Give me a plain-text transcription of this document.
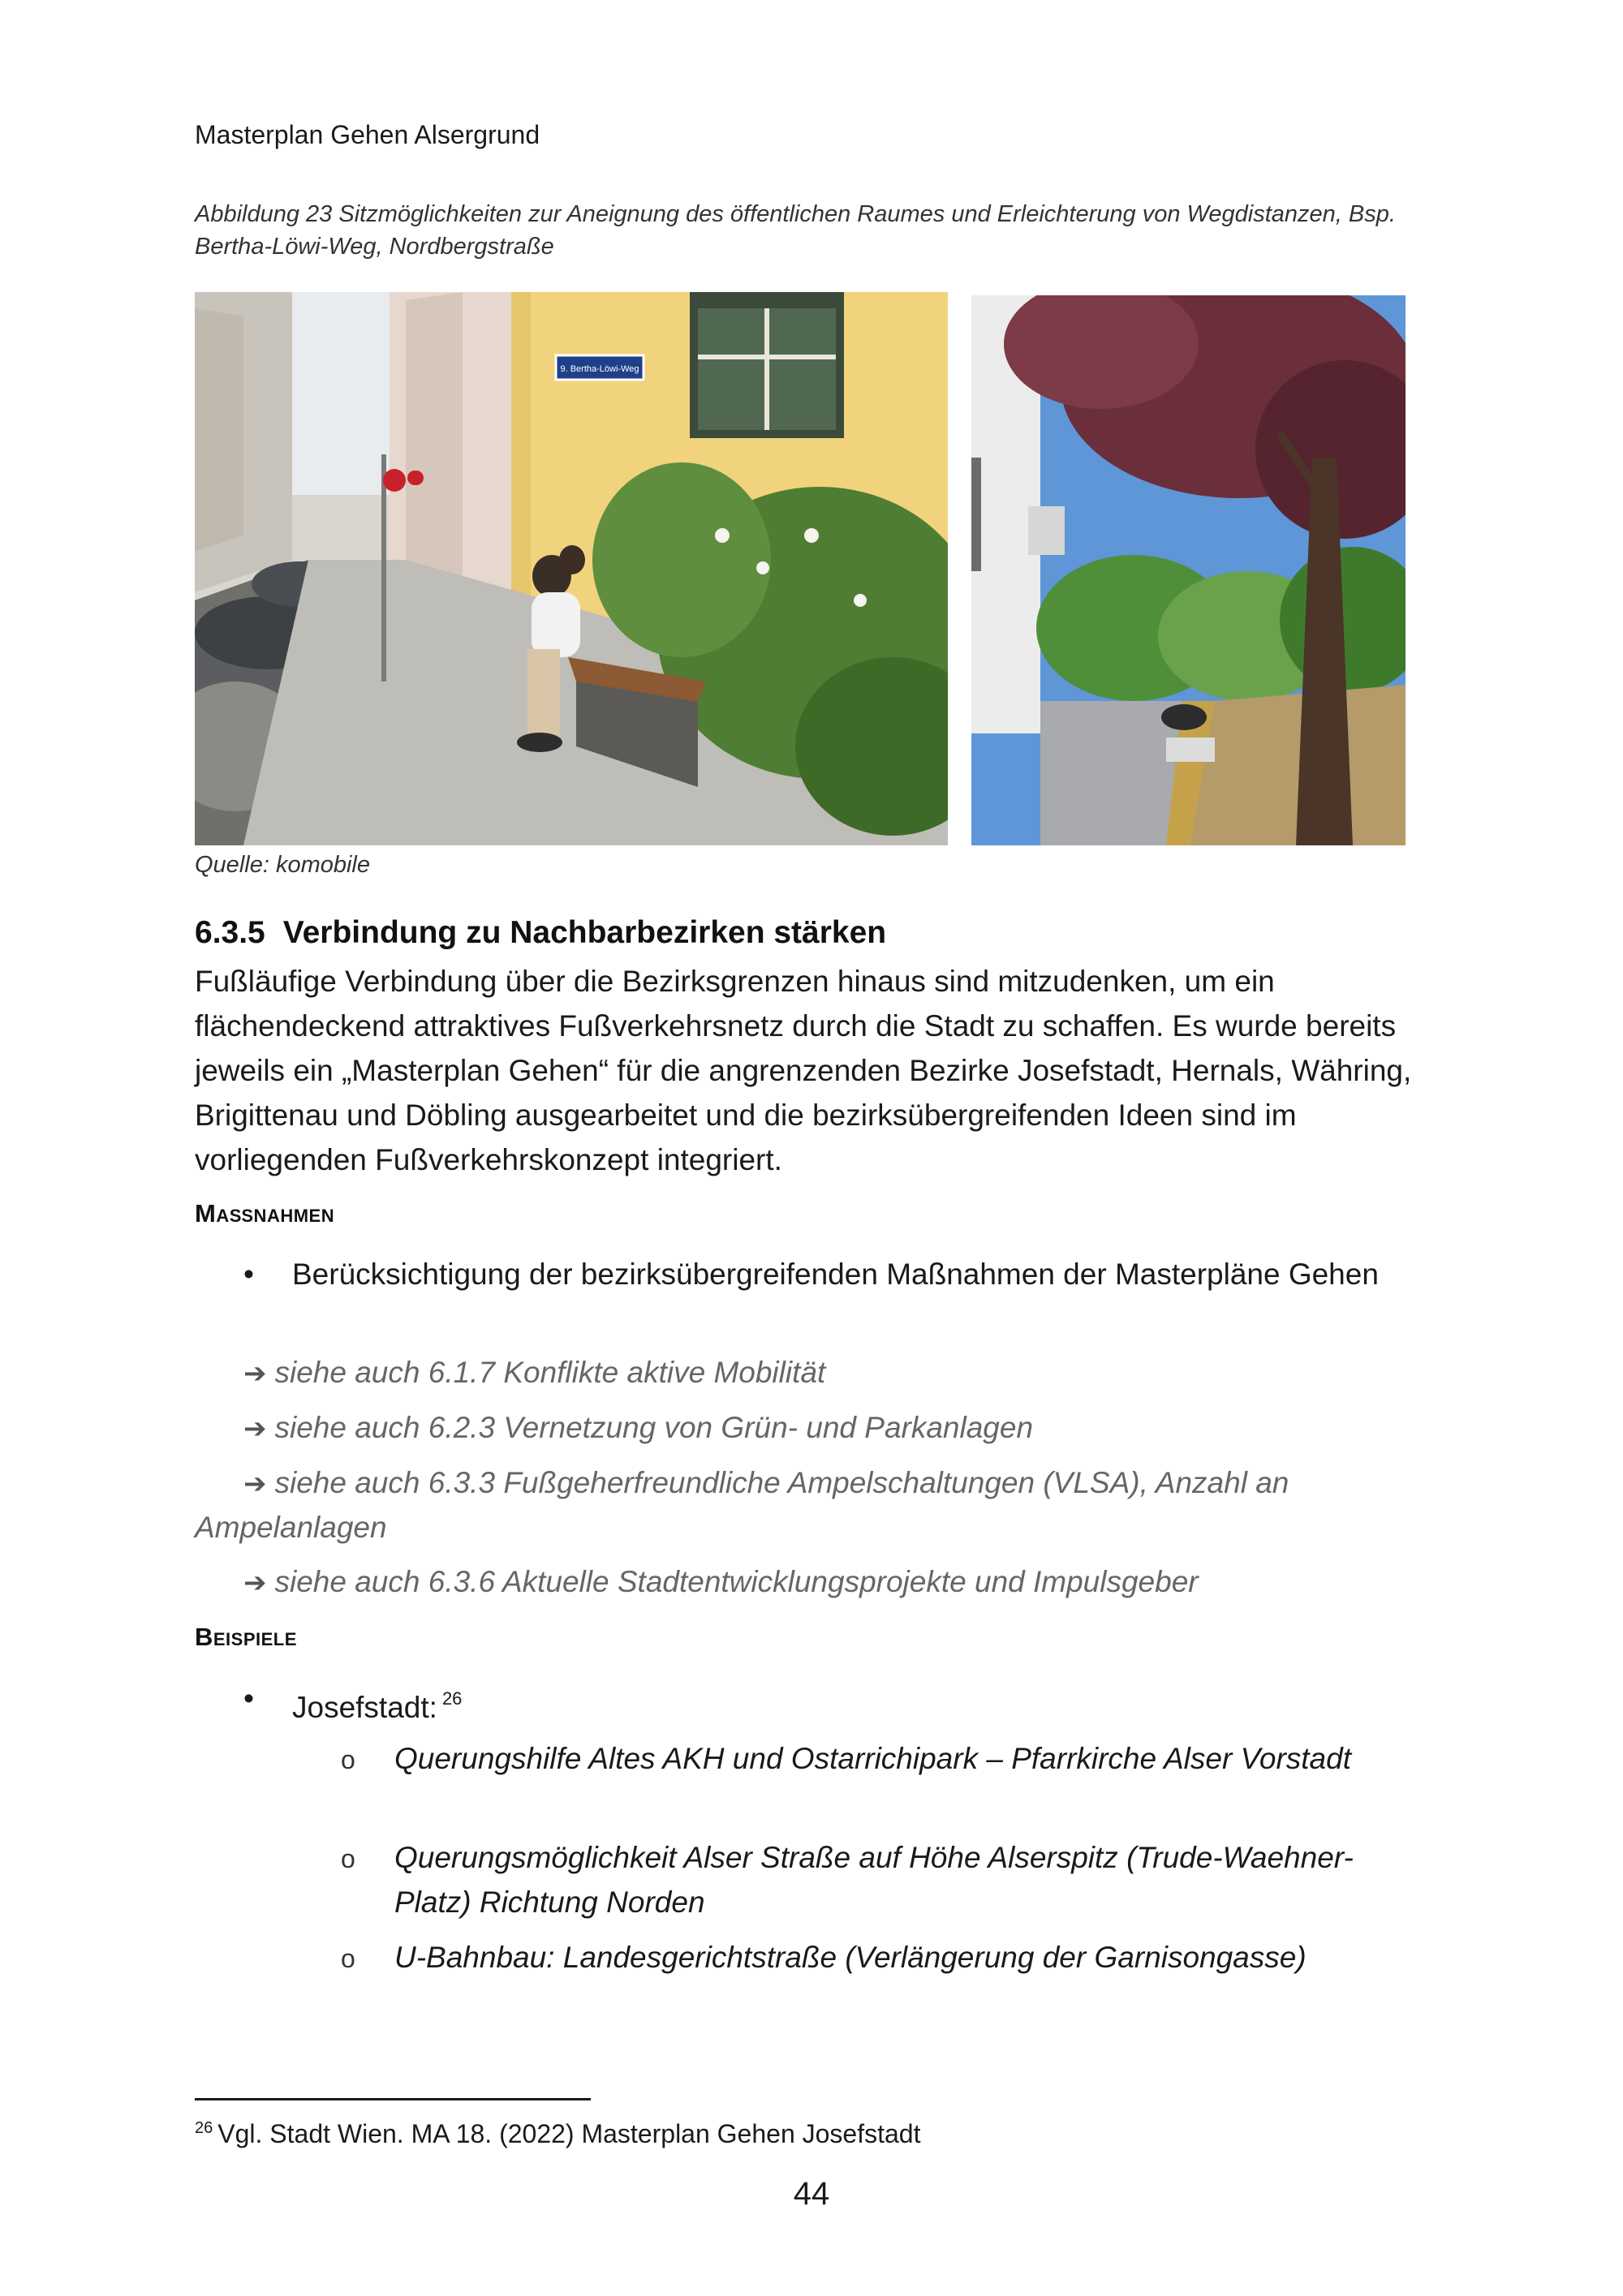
Masterplan Gehen Alsergrund
Abbildung 23 Sitzmöglichkeiten zur Aneignung des öffentlichen Raumes und Erleichterung von Wegdistanzen, Bsp. Bertha-Löwi-Weg, Nordbergstraße
9. Bertha-Löwi-Weg
Quelle: komobile
6.3.5 Verbindung zu Nachbarbezirken stärken
Fußläufige Verbindung über die Bezirksgrenzen hinaus sind mitzudenken, um ein flächendeckend attraktives Fußverkehrsnetz durch die Stadt zu schaffen. Es wurde bereits jeweils ein „Masterplan Gehen“ für die angrenzenden Bezirke Josefstadt, Hernals, Währing, Brigittenau und Döbling ausgearbeitet und die bezirksübergreifenden Ideen sind im vorliegenden Fußverkehrskonzept integriert.
Maßnahmen
• Berücksichtigung der bezirksübergreifenden Maßnahmen der Masterpläne Gehen
➔ siehe auch 6.1.7 Konflikte aktive Mobilität
➔ siehe auch 6.2.3 Vernetzung von Grün- und Parkanlagen
➔ siehe auch 6.3.3 Fußgeherfreundliche Ampelschaltungen (VLSA), Anzahl an
Ampelanlagen
➔ siehe auch 6.3.6 Aktuelle Stadtentwicklungsprojekte und Impulsgeber
Beispiele
• Josefstadt: $^{26}$
o Querungshilfe Altes AKH und Ostarrichipark – Pfarrkirche Alser Vorstadt
o Querungsmöglichkeit Alser Straße auf Höhe Alserspitz (Trude-Waehner-Platz) Richtung Norden
o U-Bahnbau: Landesgerichtstraße (Verlängerung der Garnisongasse)
$^{26}$ Vgl. Stadt Wien. MA 18. (2022) Masterplan Gehen Josefstadt
44
